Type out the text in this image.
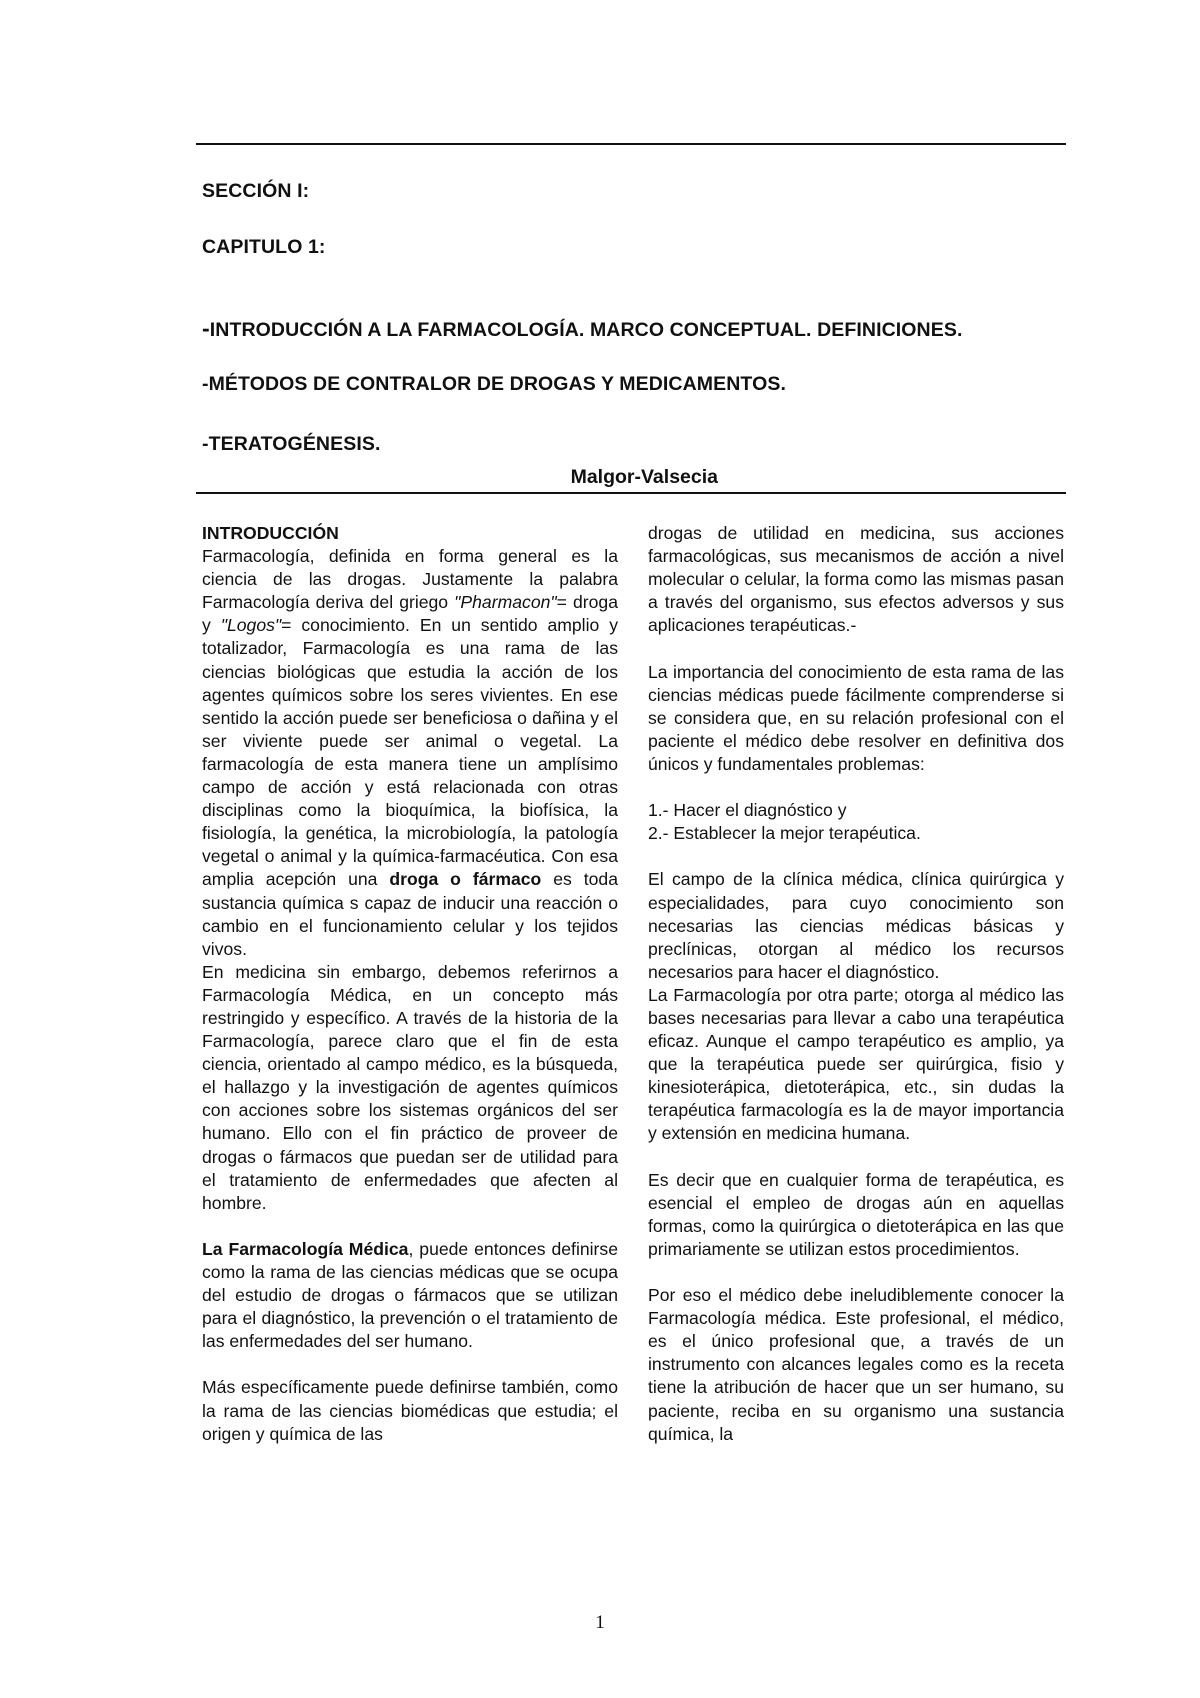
SECCIÓN I:
CAPITULO 1:
-INTRODUCCIÓN A LA FARMACOLOGÍA. MARCO CONCEPTUAL. DEFINICIONES.
-MÉTODOS DE CONTRALOR DE DROGAS Y MEDICAMENTOS.
-TERATOGÉNESIS.
Malgor-Valsecia

INTRODUCCIÓN

Farmacología, definida en forma general es la ciencia de las drogas. Justamente la palabra Farmacología deriva del griego "Pharmacon"= droga y "Logos"= conocimiento. En un sentido amplio y totalizador, Farmacología es una rama de las ciencias biológicas que estudia la acción de los agentes químicos sobre los seres vivientes. En ese sentido la acción puede ser beneficiosa o dañina y el ser viviente puede ser animal o vegetal. La farmacología de esta manera tiene un amplísimo campo de acción y está relacionada con otras disciplinas como la bioquímica, la biofísica, la fisiología, la genética, la microbiología, la patología vegetal o animal y la química-farmacéutica. Con esa amplia acepción una droga o fármaco es toda sustancia química s capaz de inducir una reacción o cambio en el funcionamiento celular y los tejidos vivos.

En medicina sin embargo, debemos referirnos a Farmacología Médica, en un concepto más restringido y específico. A través de la historia de la Farmacología, parece claro que el fin de esta ciencia, orientado al campo médico, es la búsqueda, el hallazgo y la investigación de agentes químicos con acciones sobre los sistemas orgánicos del ser humano. Ello con el fin práctico de proveer de drogas o fármacos que puedan ser de utilidad para el tratamiento de enfermedades que afecten al hombre.

La Farmacología Médica, puede entonces definirse como la rama de las ciencias médicas que se ocupa del estudio de drogas o fármacos que se utilizan para el diagnóstico, la prevención o el tratamiento de las enfermedades del ser humano.

Más específicamente puede definirse también, como la rama de las ciencias biomédicas que estudia; el origen y química de las

drogas de utilidad en medicina, sus acciones farmacológicas, sus mecanismos de acción a nivel molecular o celular, la forma como las mismas pasan a través del organismo, sus efectos adversos y sus aplicaciones terapéuticas.-

La importancia del conocimiento de esta rama de las ciencias médicas puede fácilmente comprenderse si se considera que, en su relación profesional con el paciente el médico debe resolver en definitiva dos únicos y fundamentales problemas:

1.- Hacer el diagnóstico y

2.- Establecer la mejor terapéutica.

El campo de la clínica médica, clínica quirúrgica y especialidades, para cuyo conocimiento son necesarias las ciencias médicas básicas y preclínicas, otorgan al médico los recursos necesarios para hacer el diagnóstico.

La Farmacología por otra parte; otorga al médico las bases necesarias para llevar a cabo una terapéutica eficaz. Aunque el campo terapéutico es amplio, ya que la terapéutica puede ser quirúrgica, fisio y kinesioterápica, dietoterápica, etc., sin dudas la terapéutica farmacología es la de mayor importancia y extensión en medicina humana.

Es decir que en cualquier forma de terapéutica, es esencial el empleo de drogas aún en aquellas formas, como la quirúrgica o dietoterápica en las que primariamente se utilizan estos procedimientos.

Por eso el médico debe ineludiblemente conocer la Farmacología médica. Este profesional, el médico, es el único profesional que, a través de un instrumento con alcances legales como es la receta tiene la atribución de hacer que un ser humano, su paciente, reciba en su organismo una sustancia química, la

1
